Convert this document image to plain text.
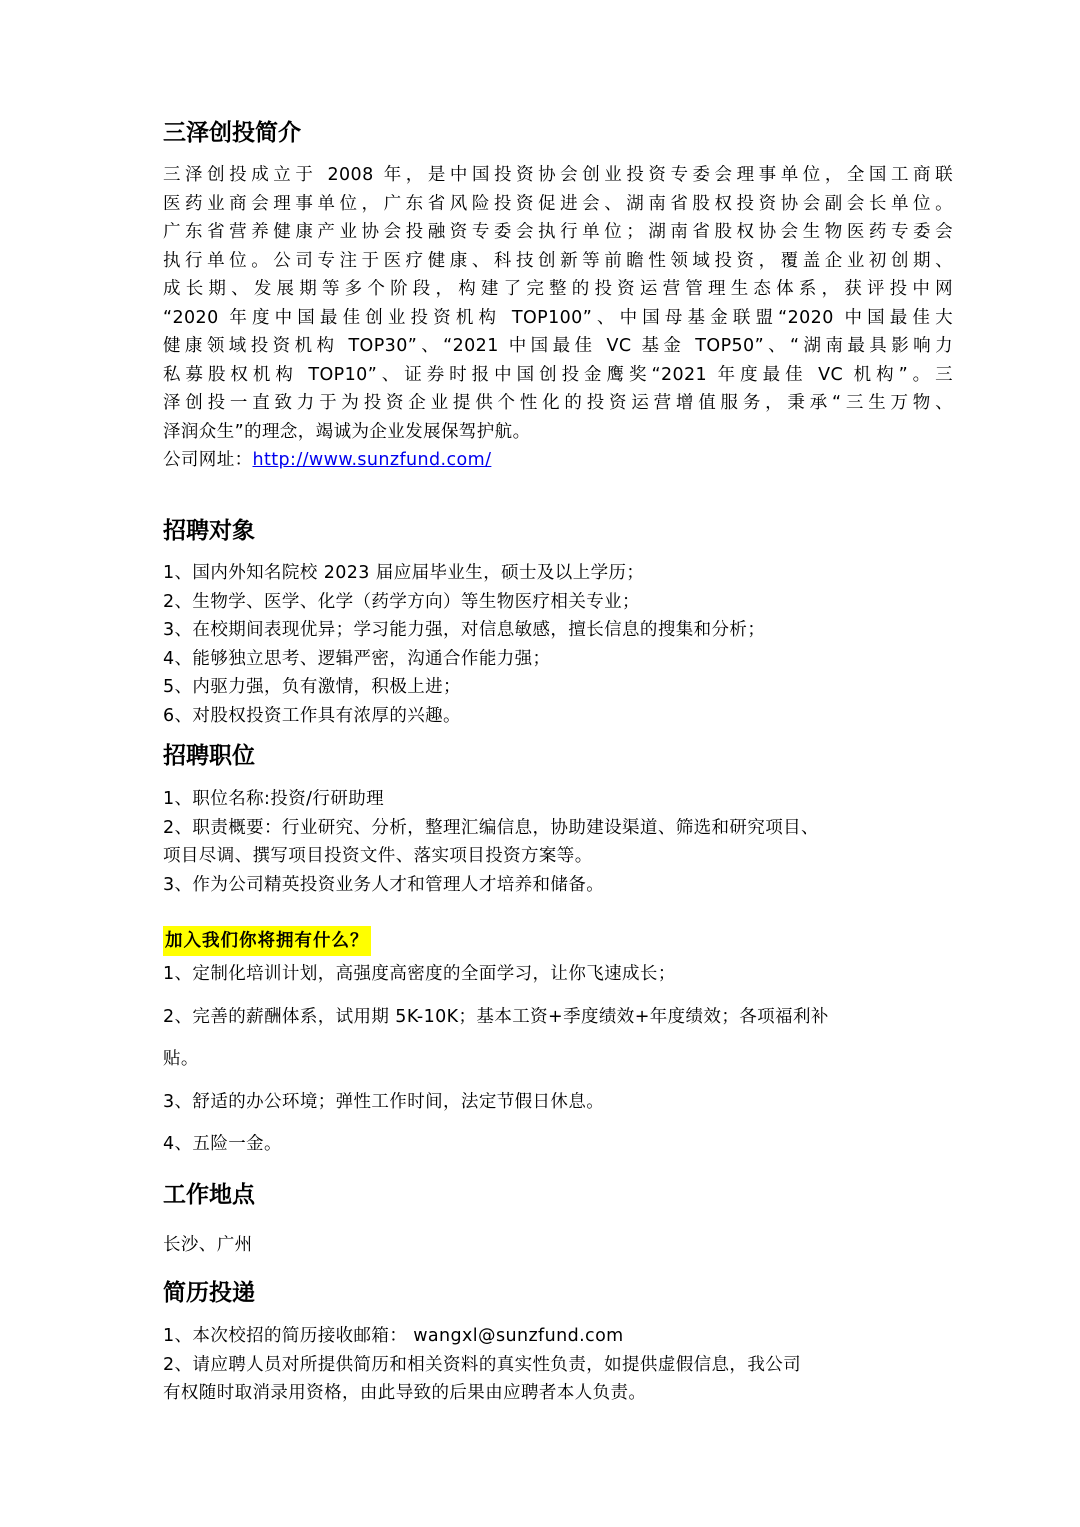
三泽创投简介

三泽创投成立于 2008 年，是中国投资协会创业投资专委会理事单位，全国工商联

医药业商会理事单位，广东省风险投资促进会、湖南省股权投资协会副会长单位。

广东省营养健康产业协会投融资专委会执行单位；湖南省股权协会生物医药专委会

执行单位。公司专注于医疗健康、科技创新等前瞻性领域投资，覆盖企业初创期、

成长期、发展期等多个阶段，构建了完整的投资运营管理生态体系，获评投中网

“2020 年度中国最佳创业投资机构 TOP100”、中国母基金联盟“2020 中国最佳大

健康领域投资机构 TOP30”、“2021 中国最佳 VC 基金 TOP50”、“湖南最具影响力

私募股权机构 TOP10”、证券时报中国创投金鹰奖“2021 年度最佳 VC 机构”。三

泽创投一直致力于为投资企业提供个性化的投资运营增值服务，秉承“三生万物、

泽润众生”的理念，竭诚为企业发展保驾护航。

公司网址：http://www.sunzfund.com/

招聘对象

1、国内外知名院校 2023 届应届毕业生，硕士及以上学历；

2、生物学、医学、化学（药学方向）等生物医疗相关专业；

3、在校期间表现优异；学习能力强，对信息敏感，擅长信息的搜集和分析；

4、能够独立思考、逻辑严密，沟通合作能力强；

5、内驱力强，负有激情，积极上进；

6、对股权投资工作具有浓厚的兴趣。

招聘职位

1、职位名称:投资/行研助理

2、职责概要：行业研究、分析，整理汇编信息，协助建设渠道、筛选和研究项目、

项目尽调、撰写项目投资文件、落实项目投资方案等。

3、作为公司精英投资业务人才和管理人才培养和储备。

加入我们你将拥有什么？

1、定制化培训计划，高强度高密度的全面学习，让你飞速成长；

2、完善的薪酬体系，试用期 5K-10K；基本工资+季度绩效+年度绩效；各项福利补

贴。

3、舒适的办公环境；弹性工作时间，法定节假日休息。

4、五险一金。

工作地点

长沙、广州

简历投递

1、本次校招的简历接收邮箱： wangxl@sunzfund.com

2、请应聘人员对所提供简历和相关资料的真实性负责，如提供虚假信息，我公司

有权随时取消录用资格，由此导致的后果由应聘者本人负责。
